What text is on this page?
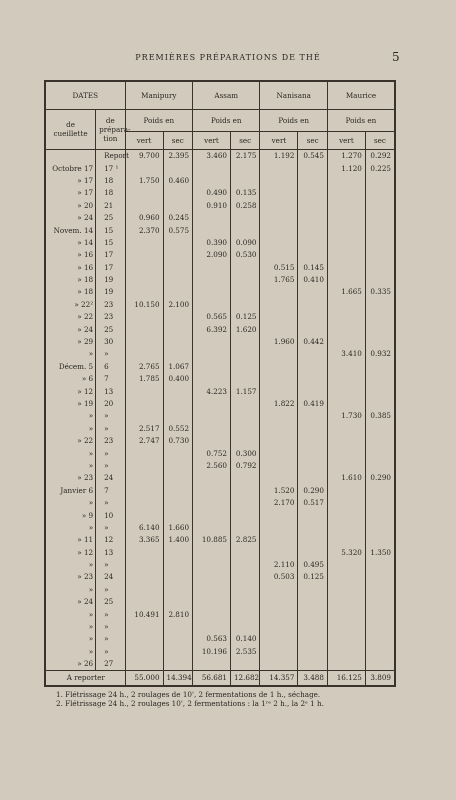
PREMIÈRES PRÉPARATIONS DE THÉ	5
DATES		Manipury		Assam		Nanisana		Maurice	
de cueillette	de prépara- tion	Poids en		Poids en		Poids en		Poids en	
		vert	sec	vert	sec	vert	sec	vert	sec
	Report	9.700	2.395	3.460	2.175	1.192	0.545	1.270	0.292
Octobre 17	17 ¹							1.120	0.225
» 17	18	1.750	0.460						
» 17	18			0.490	0.135				
» 20	21			0.910	0.258				
» 24	25	0.960	0.245						
Novem. 14	15	2.370	0.575						
» 14	15			0.390	0.090				
» 16	17			2.090	0.530				
» 16	17					0.515	0.145		
» 18	19					1.765	0.410		
» 18	19							1.665	0.335
» 22²	23	10.150	2.100						
» 22	23			0.565	0.125				
» 24	25			6.392	1.620				
» 29	30					1.960	0.442		
»	»							3.410	0.932
Décem. 5	6	2.765	1.067						
» 6	7	1.785	0.400						
» 12	13			4.223	1.157				
» 19	20					1.822	0.419		
»	»							1.730	0.385
»	»	2.517	0.552						
» 22	23	2.747	0.730						
»	»			0.752	0.300				
»	»			2.560	0.792				
» 23	24							1.610	0.290
Janvier 6	7					1.520	0.290		
»	»					2.170	0.517		
» 9	10								
»	»	6.140	1.660						
» 11	12	3.365	1.400	10.885	2.825				
» 12	13							5.320	1.350
»	»					2.110	0.495		
» 23	24					0.503	0.125		
»	»								
» 24	25								
»	»	10.491	2.810						
»	»								
»	»			0.563	0.140				
»	»			10.196	2.535				
» 26	27								
A reporter		55.000	14.394	56.681	12.682	14.357	3.488	16.125	3.809
1. Flétrissage 24 h., 2 roulages de 10', 2 fermentations de 1 h., séchage.
2. Flétrissage 24 h., 2 roulages 10', 2 fermentations : la 1ʳᵉ 2 h., la 2ᵉ 1 h.
